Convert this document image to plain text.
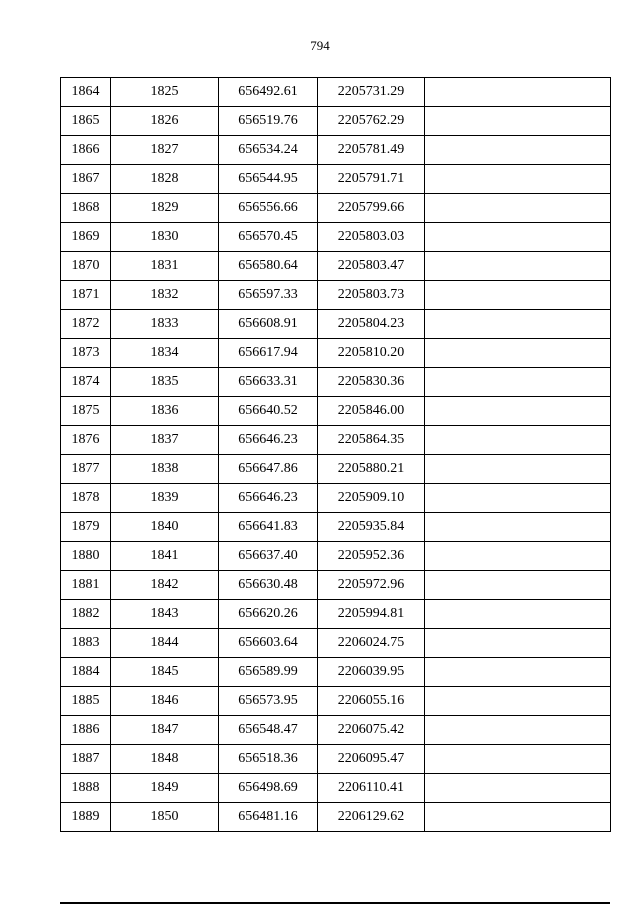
794
1864	1825	656492.61	2205731.29	
1865	1826	656519.76	2205762.29	
1866	1827	656534.24	2205781.49	
1867	1828	656544.95	2205791.71	
1868	1829	656556.66	2205799.66	
1869	1830	656570.45	2205803.03	
1870	1831	656580.64	2205803.47	
1871	1832	656597.33	2205803.73	
1872	1833	656608.91	2205804.23	
1873	1834	656617.94	2205810.20	
1874	1835	656633.31	2205830.36	
1875	1836	656640.52	2205846.00	
1876	1837	656646.23	2205864.35	
1877	1838	656647.86	2205880.21	
1878	1839	656646.23	2205909.10	
1879	1840	656641.83	2205935.84	
1880	1841	656637.40	2205952.36	
1881	1842	656630.48	2205972.96	
1882	1843	656620.26	2205994.81	
1883	1844	656603.64	2206024.75	
1884	1845	656589.99	2206039.95	
1885	1846	656573.95	2206055.16	
1886	1847	656548.47	2206075.42	
1887	1848	656518.36	2206095.47	
1888	1849	656498.69	2206110.41	
1889	1850	656481.16	2206129.62	
